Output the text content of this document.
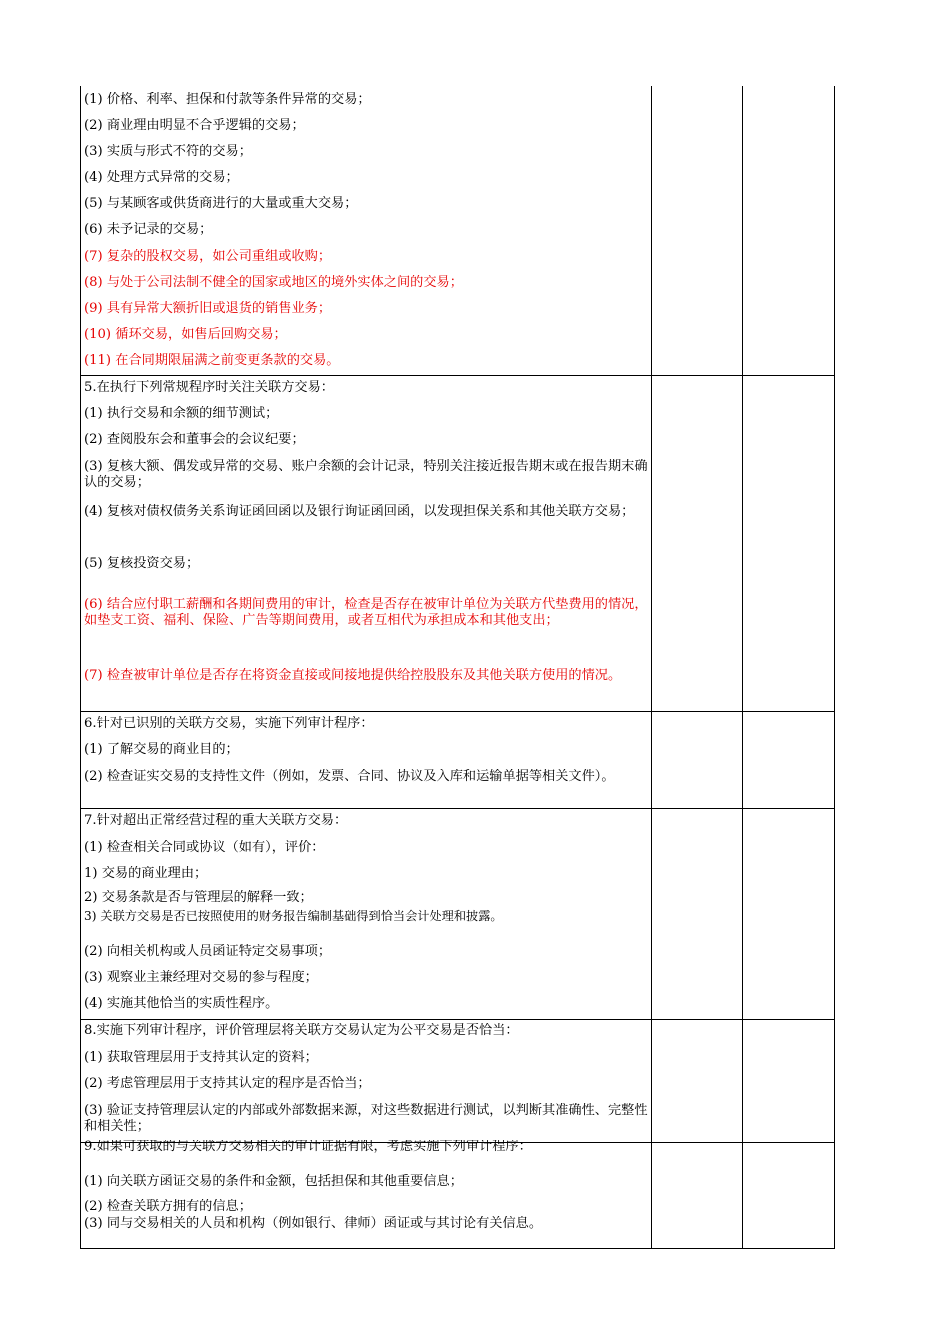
(1) 价格、利率、担保和付款等条件异常的交易；
(2) 商业理由明显不合乎逻辑的交易；
(3) 实质与形式不符的交易；
(4) 处理方式异常的交易；
(5) 与某顾客或供货商进行的大量或重大交易；
(6) 未予记录的交易；
(7) 复杂的股权交易，如公司重组或收购；
(8) 与处于公司法制不健全的国家或地区的境外实体之间的交易；
(9) 具有异常大额折旧或退货的销售业务；
(10) 循环交易，如售后回购交易；
(11) 在合同期限届满之前变更条款的交易。
5.在执行下列常规程序时关注关联方交易：
(1) 执行交易和余额的细节测试；
(2) 查阅股东会和董事会的会议纪要；
(3) 复核大额、偶发或异常的交易、账户余额的会计记录，特别关注接近报告期末或在报告期末确认的交易；
(4) 复核对债权债务关系询证函回函以及银行询证函回函，以发现担保关系和其他关联方交易；
(5) 复核投资交易；
(6) 结合应付职工薪酬和各期间费用的审计，检查是否存在被审计单位为关联方代垫费用的情况，如垫支工资、福利、保险、广告等期间费用，或者互相代为承担成本和其他支出；
(7) 检查被审计单位是否存在将资金直接或间接地提供给控股股东及其他关联方使用的情况。
6.针对已识别的关联方交易，实施下列审计程序：
(1) 了解交易的商业目的；
(2) 检查证实交易的支持性文件（例如，发票、合同、协议及入库和运输单据等相关文件）。
7.针对超出正常经营过程的重大关联方交易：
(1) 检查相关合同或协议（如有），评价：
1) 交易的商业理由；
2) 交易条款是否与管理层的解释一致；
3) 关联方交易是否已按照使用的财务报告编制基础得到恰当会计处理和披露。
(2) 向相关机构或人员函证特定交易事项；
(3) 观察业主兼经理对交易的参与程度；
(4) 实施其他恰当的实质性程序。
8.实施下列审计程序，评价管理层将关联方交易认定为公平交易是否恰当：
(1) 获取管理层用于支持其认定的资料；
(2) 考虑管理层用于支持其认定的程序是否恰当；
(3) 验证支持管理层认定的内部或外部数据来源，对这些数据进行测试，以判断其准确性、完整性和相关性；
9.如果可获取的与关联方交易相关的审计证据有限，考虑实施下列审计程序：
(1) 向关联方函证交易的条件和金额，包括担保和其他重要信息；
(2) 检查关联方拥有的信息；
(3) 同与交易相关的人员和机构（例如银行、律师）函证或与其讨论有关信息。
